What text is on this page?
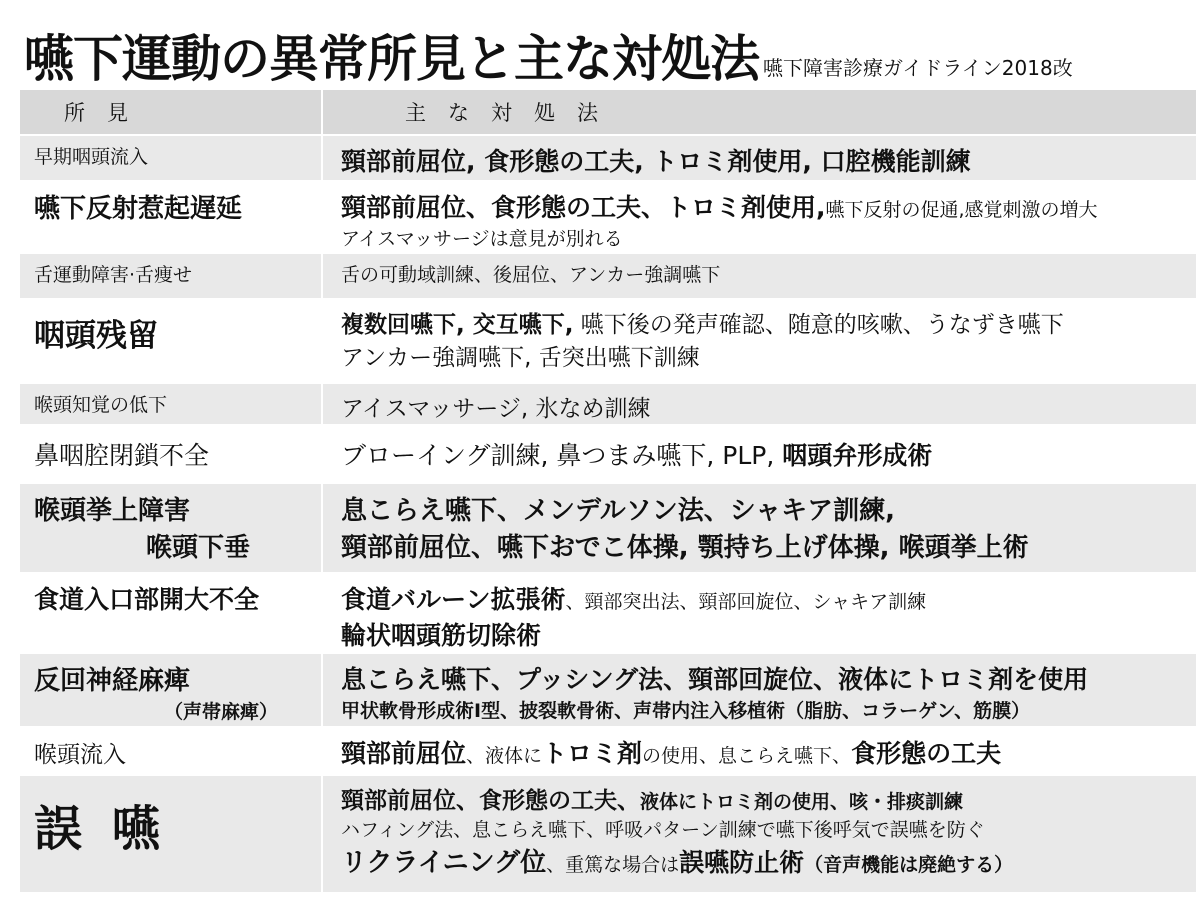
嚥下運動の異常所見と主な対処法 嚥下障害診療ガイドライン2018改
所見	主な対処法

早期咽頭流入	頸部前屈位, 食形態の工夫, トロミ剤使用, 口腔機能訓練

嚥下反射惹起遅延	頸部前屈位、食形態の工夫、トロミ剤使用,嚥下反射の促通,感覚刺激の増大
アイスマッサージは意見が別れる

舌運動障害·舌痩せ	舌の可動域訓練、後屈位、アンカー強調嚥下

咽頭残留	複数回嚥下, 交互嚥下, 嚥下後の発声確認、随意的咳嗽、うなずき嚥下
アンカー強調嚥下, 舌突出嚥下訓練

喉頭知覚の低下	アイスマッサージ, 氷なめ訓練

鼻咽腔閉鎖不全	ブローイング訓練, 鼻つまみ嚥下, PLP, 咽頭弁形成術

喉頭挙上障害
喉頭下垂	息こらえ嚥下、メンデルソン法、シャキア訓練,
頸部前屈位、嚥下おでこ体操, 顎持ち上げ体操, 喉頭挙上術

食道入口部開大不全	食道バルーン拡張術、頸部突出法、頸部回旋位、シャキア訓練
輪状咽頭筋切除術

反回神経麻痺
（声帯麻痺）	息こらえ嚥下、プッシング法、頸部回旋位、液体にトロミ剤を使用
甲状軟骨形成術Ⅰ型、披裂軟骨術、声帯内注入移植術（脂肪、コラーゲン、筋膜）

喉頭流入	頸部前屈位、液体にトロミ剤の使用、息こらえ嚥下、食形態の工夫

誤嚥	頸部前屈位、食形態の工夫、液体にトロミ剤の使用、咳・排痰訓練
ハフィング法、息こらえ嚥下、呼吸パターン訓練で嚥下後呼気で誤嚥を防ぐ
リクライニング位、重篤な場合は誤嚥防止術（音声機能は廃絶する）
